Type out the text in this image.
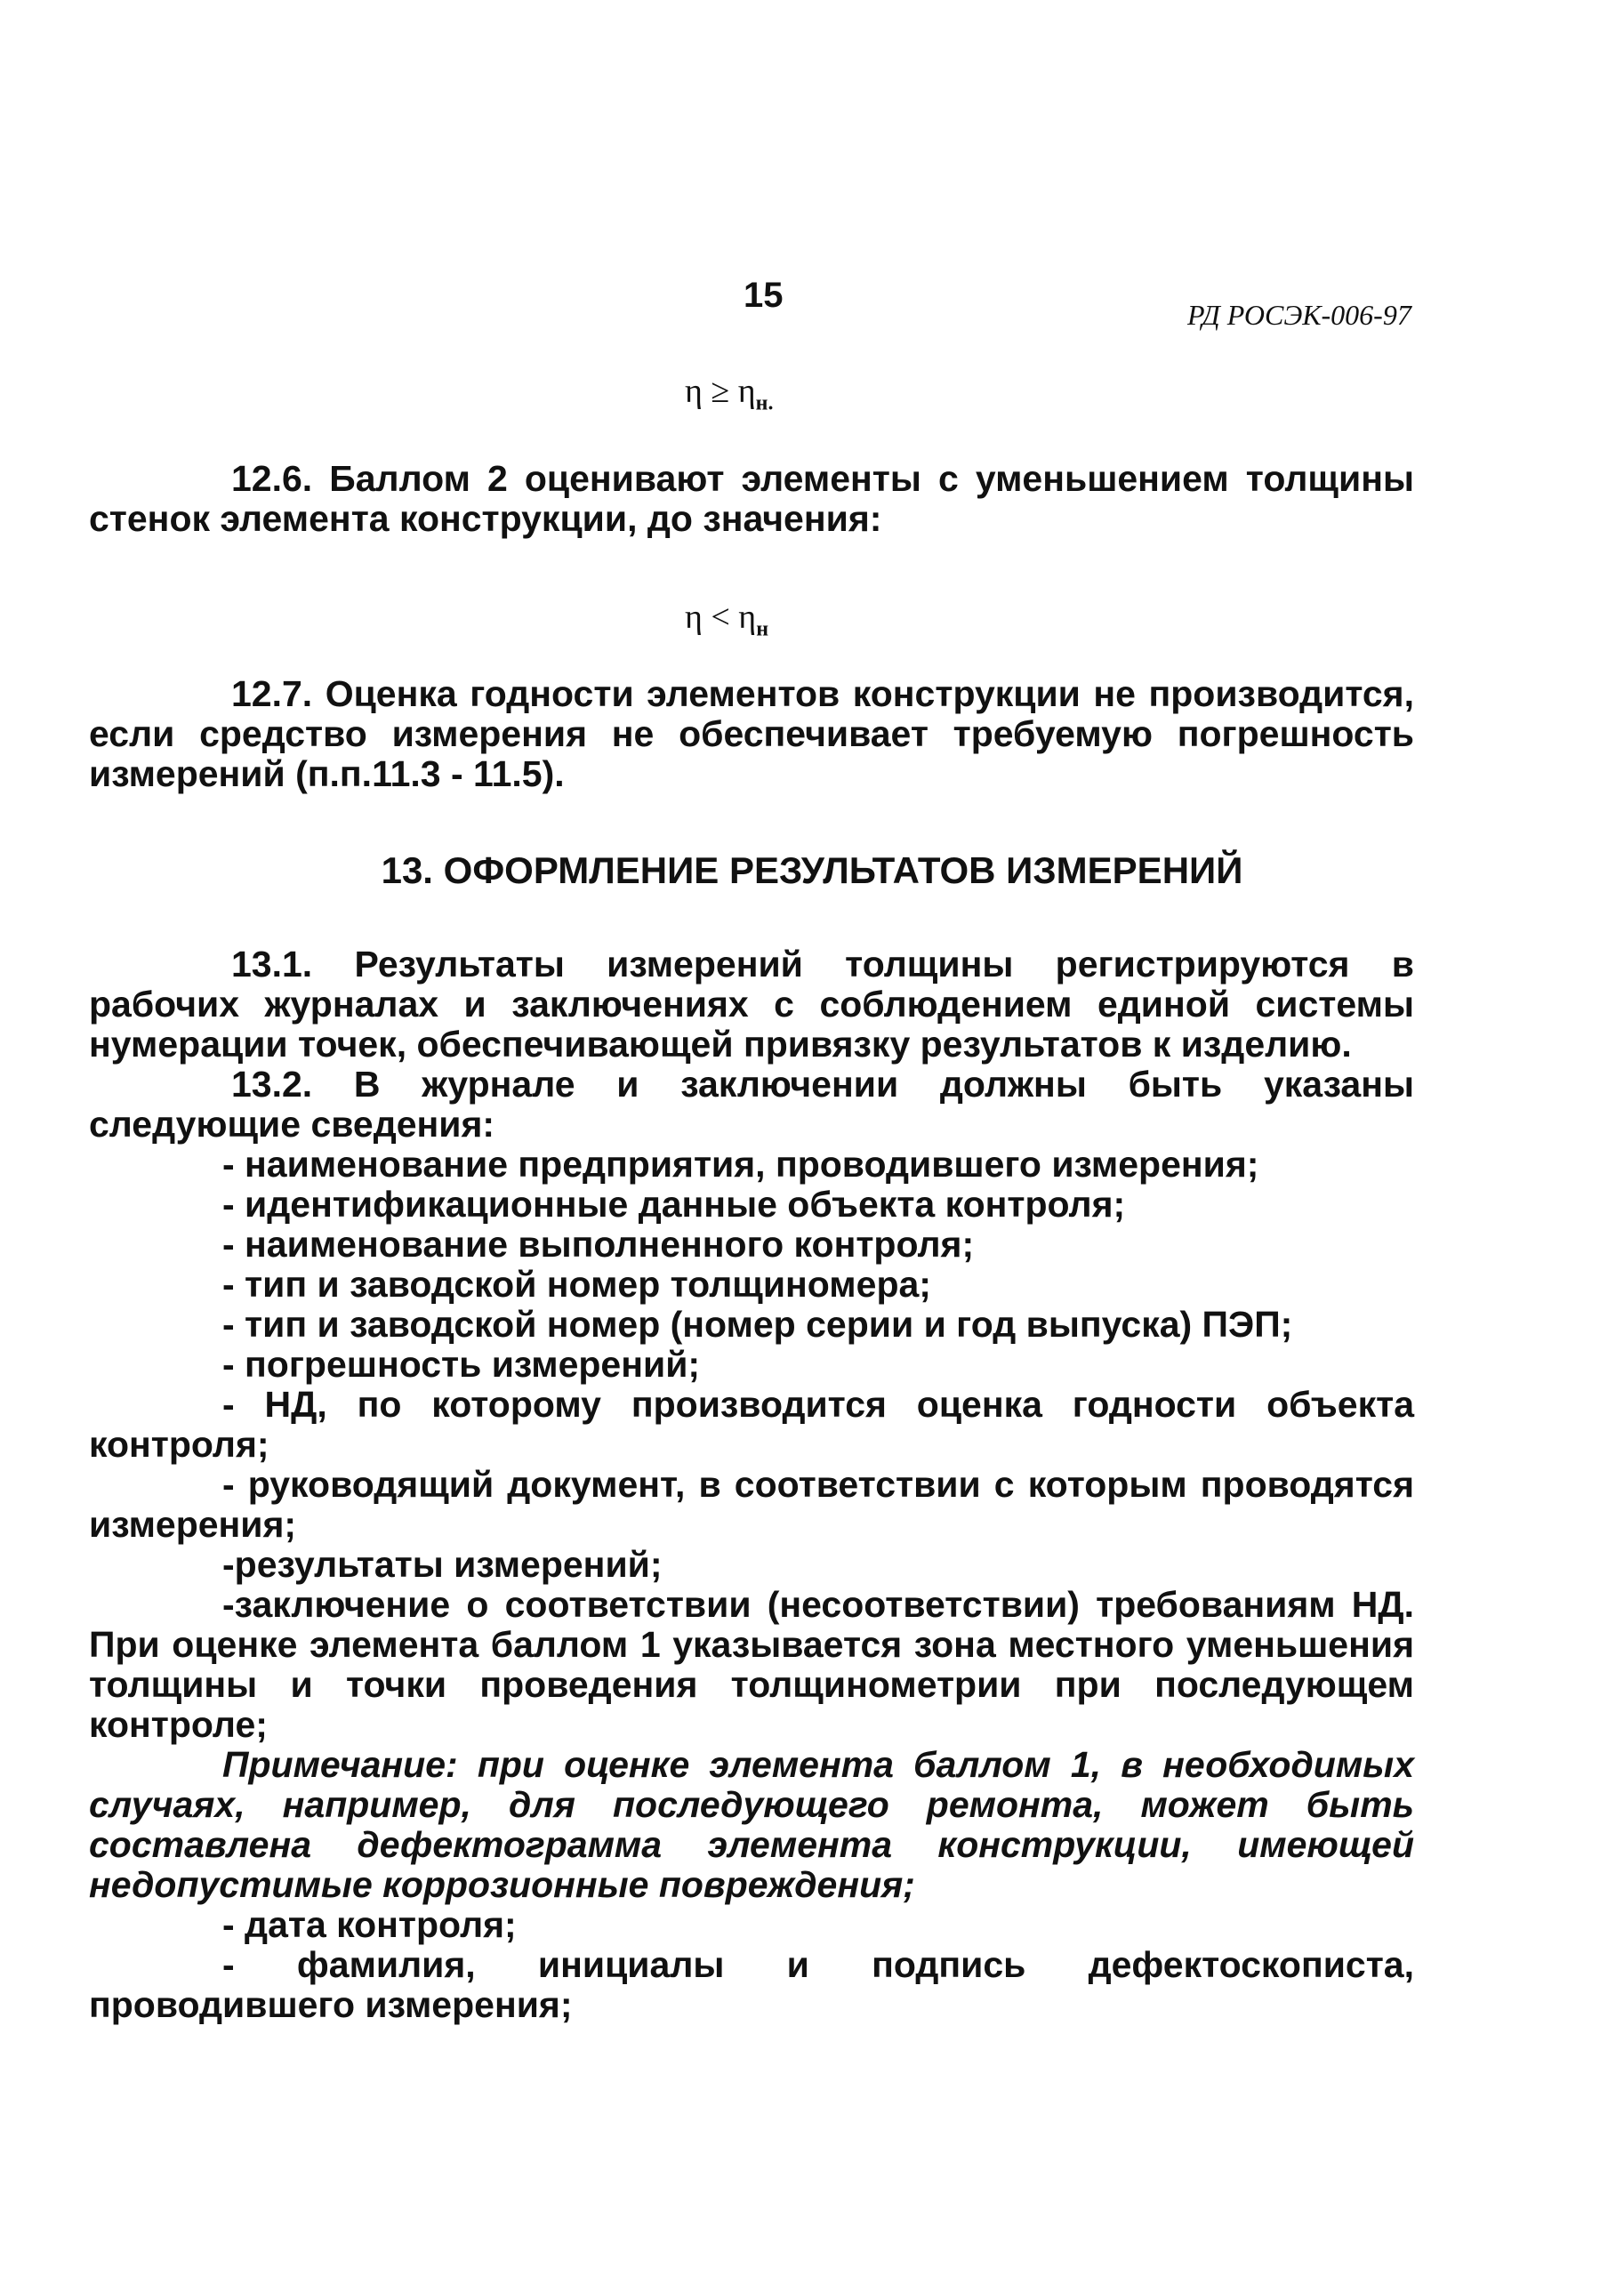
15	РД РОСЭК-006-97
$\eta \ge \eta_{н.}$

12.6. Баллом 2 оценивают элементы с уменьшением толщины стенок элемента конструкции, до значения:

$\eta < \eta_н$

12.7. Оценка годности элементов конструкции не производится, если средство измерения не обеспечивает требуемую погрешность измерений (п.п.11.3 - 11.5).

13. ОФОРМЛЕНИЕ РЕЗУЛЬТАТОВ ИЗМЕРЕНИЙ

13.1. Результаты измерений толщины регистрируются в рабочих журналах и заключениях с соблюдением единой системы нумерации точек, обеспечивающей привязку результатов к изделию.

13.2. В журнале и заключении должны быть указаны следующие сведения:

- наименование предприятия, проводившего измерения;

- идентификационные данные объекта контроля;

- наименование выполненного контроля;

- тип и заводской номер толщиномера;

- тип и заводской номер (номер серии и год выпуска) ПЭП;

- погрешность измерений;

- НД, по которому производится оценка годности объекта контроля;

- руководящий документ, в соответствии с которым проводятся измерения;

-результаты измерений;

-заключение о соответствии (несоответствии) требованиям НД. При оценке элемента баллом 1 указывается зона местного уменьшения толщины и точки проведения толщинометрии при последующем контроле;

Примечание: при оценке элемента баллом 1, в необходимых случаях, например, для последующего ремонта, может быть составлена дефектограмма элемента конструкции, имеющей недопустимые коррозионные повреждения;

- дата контроля;

- фамилия, инициалы и подпись дефектоскописта, проводившего измерения;
